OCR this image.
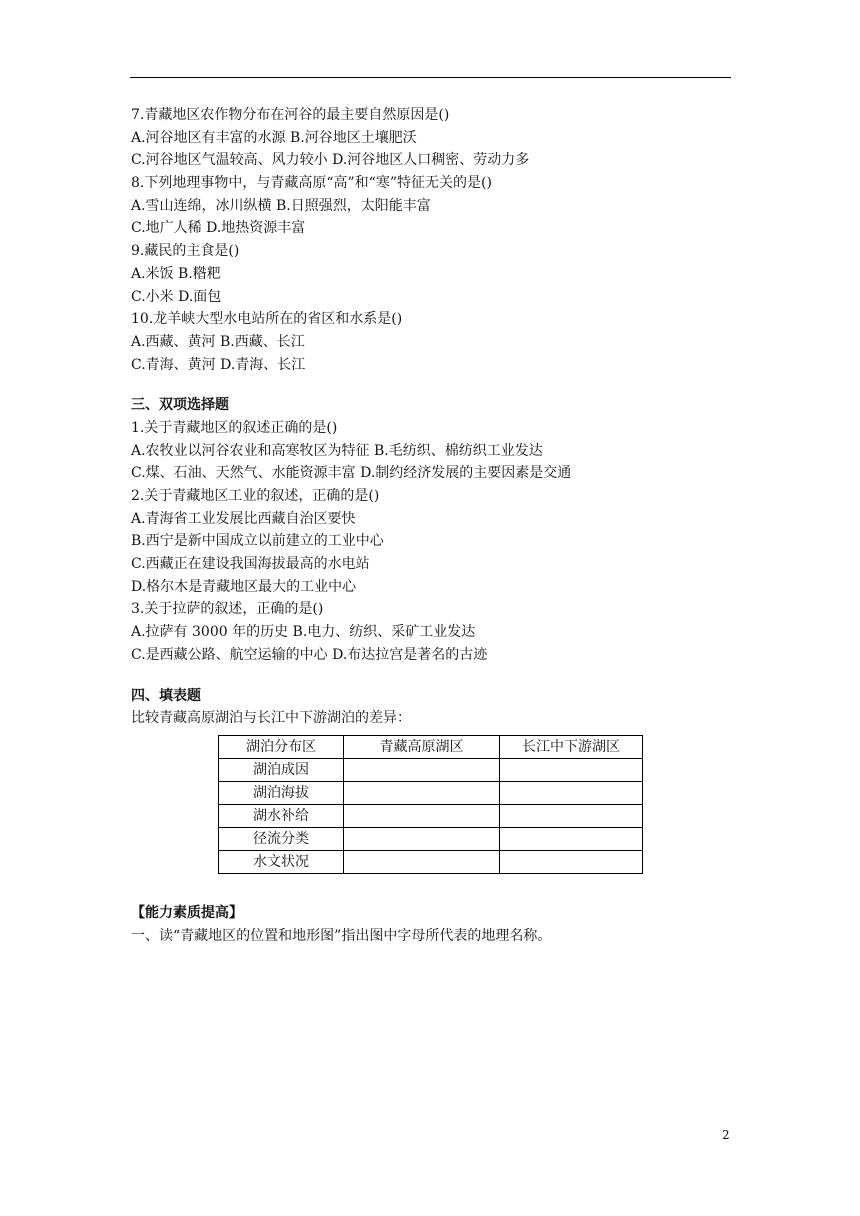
7.青藏地区农作物分布在河谷的最主要自然原因是()
A.河谷地区有丰富的水源 B.河谷地区土壤肥沃
C.河谷地区气温较高、风力较小 D.河谷地区人口稠密、劳动力多
8.下列地理事物中，与青藏高原“高”和“寒”特征无关的是()
A.雪山连绵，冰川纵横 B.日照强烈，太阳能丰富
C.地广人稀 D.地热资源丰富
9.藏民的主食是()
A.米饭 B.糌粑
C.小米 D.面包
10.龙羊峡大型水电站所在的省区和水系是()
A.西藏、黄河 B.西藏、长江
C.青海、黄河 D.青海、长江
三、双项选择题
1.关于青藏地区的叙述正确的是()
A.农牧业以河谷农业和高寒牧区为特征 B.毛纺织、棉纺织工业发达
C.煤、石油、天然气、水能资源丰富 D.制约经济发展的主要因素是交通
2.关于青藏地区工业的叙述，正确的是()
A.青海省工业发展比西藏自治区要快
B.西宁是新中国成立以前建立的工业中心
C.西藏正在建设我国海拔最高的水电站
D.格尔木是青藏地区最大的工业中心
3.关于拉萨的叙述，正确的是()
A.拉萨有 3000 年的历史 B.电力、纺织、采矿工业发达
C.是西藏公路、航空运输的中心 D.布达拉宫是著名的古迹
四、填表题
比较青藏高原湖泊与长江中下游湖泊的差异：
湖泊分布区	青藏高原湖区	长江中下游湖区
湖泊成因		
湖泊海拔		
湖水补给		
径流分类		
水文状况		
【能力素质提高】
一、读“青藏地区的位置和地形图”指出图中字母所代表的地理名称。
2
